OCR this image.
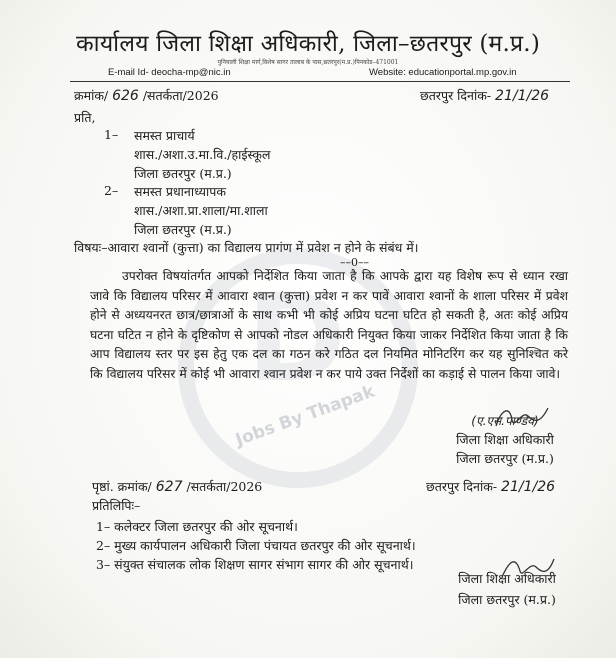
D
Jobs By Thapak
कार्यालय जिला शिक्षा अधिकारी, जिला–छतरपुर (म.प्र.)
पुनियाली शिक्षा मार्ग,विशेष सागर तालाब के पास,छतरपुर(म.प्र.)पिनकोड–471001
E-mail Id- deocha-mp@nic.in	Website: educationportal.mp.gov.in
क्रमांक/ 626 /सतर्कता/2026	छतरपुर दिनांक- 21/1/26
प्रति,
1– समस्त प्राचार्य
शास./अशा.उ.मा.वि./हाईस्कूल
जिला छतरपुर (म.प्र.)
2– समस्त प्रधानाध्यापक
शास./अशा.प्रा.शाला/मा.शाला
जिला छतरपुर (म.प्र.)
विषयः–आवारा श्वानों (कुत्ता) का विद्यालय प्रागंण में प्रवेश न होने के संबंध में।
––0––
उपरोक्त विषयांतर्गत आपको निर्देशित किया जाता है कि आपके द्वारा यह विशेष रूप से ध्यान रखा जावे कि विद्यालय परिसर में आवारा श्वान (कुत्ता) प्रवेश न कर पावें आवारा श्वानों के शाला परिसर में प्रवेश होने से अध्ययनरत छात्र/छात्राओं के साथ कभी भी कोई अप्रिय घटना घटित हो सकती है, अतः कोई अप्रिय घटना घटित न होने के दृष्टिकोण से आपको नोडल अधिकारी नियुक्त किया जाकर निर्देशित किया जाता है कि आप विद्यालय स्तर पर इस हेतु एक दल का गठन करे गठित दल नियमित मोनिटरिंग कर यह सुनिश्चित करे कि विद्यालय परिसर में कोई भी आवारा श्वान प्रवेश न कर पाये उक्त निर्देशों का कड़ाई से पालन किया जावे।
(ए.एस.पाण्डेय)
जिला शिक्षा अधिकारी
जिला छतरपुर (म.प्र.)
पृष्ठां. क्रमांक/ 627 /सतर्कता/2026	छतरपुर दिनांक- 21/1/26
प्रतिलिपिः–
1– कलेक्टर जिला छतरपुर की ओर सूचनार्थ।
2– मुख्य कार्यपालन अधिकारी जिला पंचायत छतरपुर की ओर सूचनार्थ।
3– संयुक्त संचालक लोक शिक्षण सागर संभाग सागर की ओर सूचनार्थ।
जिला शिक्षा अधिकारी
जिला छतरपुर (म.प्र.)
